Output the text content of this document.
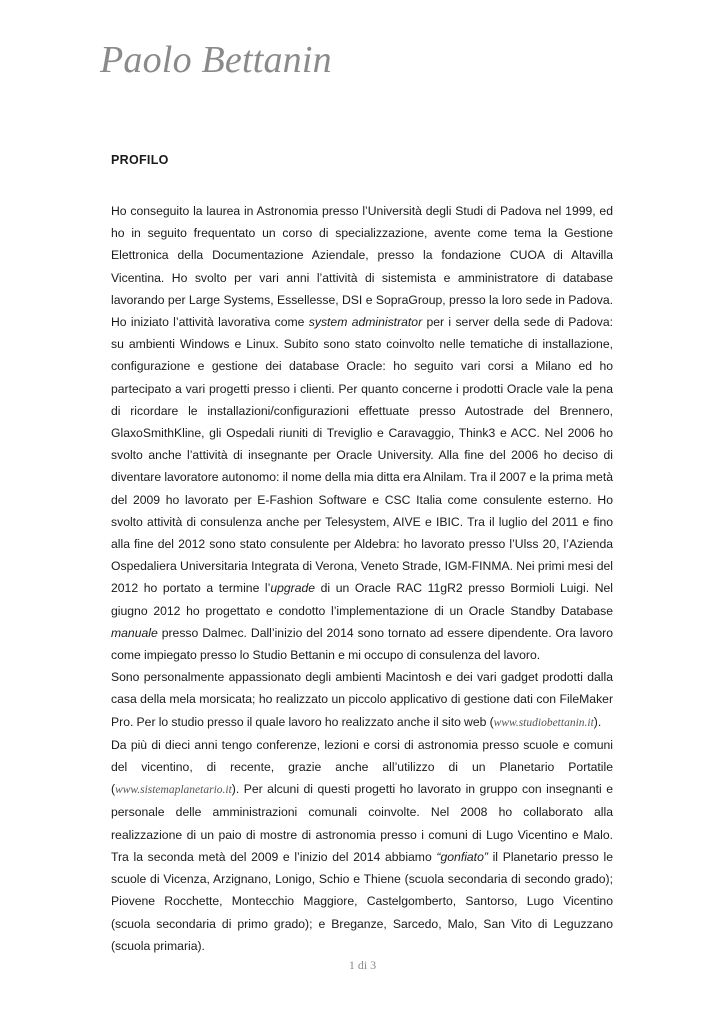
Paolo Bettanin
PROFILO

Ho conseguito la laurea in Astronomia presso l’Università degli Studi di Padova nel 1999, ed ho in seguito frequentato un corso di specializzazione, avente come tema la Gestione Elettronica della Documentazione Aziendale, presso la fondazione CUOA di Altavilla Vicentina. Ho svolto per vari anni l’attività di sistemista e amministratore di database lavorando per Large Systems, Essellesse, DSI e SopraGroup, presso la loro sede in Padova. Ho iniziato l’attività lavorativa come system administrator per i server della sede di Padova: su ambienti Windows e Linux. Subito sono stato coinvolto nelle tematiche di installazione, configurazione e gestione dei database Oracle: ho seguito vari corsi a Milano ed ho partecipato a vari progetti presso i clienti. Per quanto concerne i prodotti Oracle vale la pena di ricordare le installazioni/configurazioni effettuate presso Autostrade del Brennero, GlaxoSmithKline, gli Ospedali riuniti di Treviglio e Caravaggio, Think3 e ACC. Nel 2006 ho svolto anche l’attività di insegnante per Oracle University. Alla fine del 2006 ho deciso di diventare lavoratore autonomo: il nome della mia ditta era Alnilam. Tra il 2007 e la prima metà del 2009 ho lavorato per E-Fashion Software e CSC Italia come consulente esterno. Ho svolto attività di consulenza anche per Telesystem, AIVE e IBIC. Tra il luglio del 2011 e fino alla fine del 2012 sono stato consulente per Aldebra: ho lavorato presso l’Ulss 20, l’Azienda Ospedaliera Universitaria Integrata di Verona, Veneto Strade, IGM-FINMA. Nei primi mesi del 2012 ho portato a termine l’upgrade di un Oracle RAC 11gR2 presso Bormioli Luigi. Nel giugno 2012 ho progettato e condotto l’implementazione di un Oracle Standby Database manuale presso Dalmec. Dall’inizio del 2014 sono tornato ad essere dipendente. Ora lavoro come impiegato presso lo Studio Bettanin e mi occupo di consulenza del lavoro.

Sono personalmente appassionato degli ambienti Macintosh e dei vari gadget prodotti dalla casa della mela morsicata; ho realizzato un piccolo applicativo di gestione dati con FileMaker Pro. Per lo studio presso il quale lavoro ho realizzato anche il sito web (www.studiobettanin.it).

Da più di dieci anni tengo conferenze, lezioni e corsi di astronomia presso scuole e comuni del vicentino, di recente, grazie anche all’utilizzo di un Planetario Portatile (www.sistemaplanetario.it). Per alcuni di questi progetti ho lavorato in gruppo con insegnanti e personale delle amministrazioni comunali coinvolte. Nel 2008 ho collaborato alla realizzazione di un paio di mostre di astronomia presso i comuni di Lugo Vicentino e Malo. Tra la seconda metà del 2009 e l’inizio del 2014 abbiamo “gonfiato” il Planetario presso le scuole di Vicenza, Arzignano, Lonigo, Schio e Thiene (scuola secondaria di secondo grado); Piovene Rocchette, Montecchio Maggiore, Castelgomberto, Santorso, Lugo Vicentino (scuola secondaria di primo grado); e Breganze, Sarcedo, Malo, San Vito di Leguzzano (scuola primaria).

1 di 3
